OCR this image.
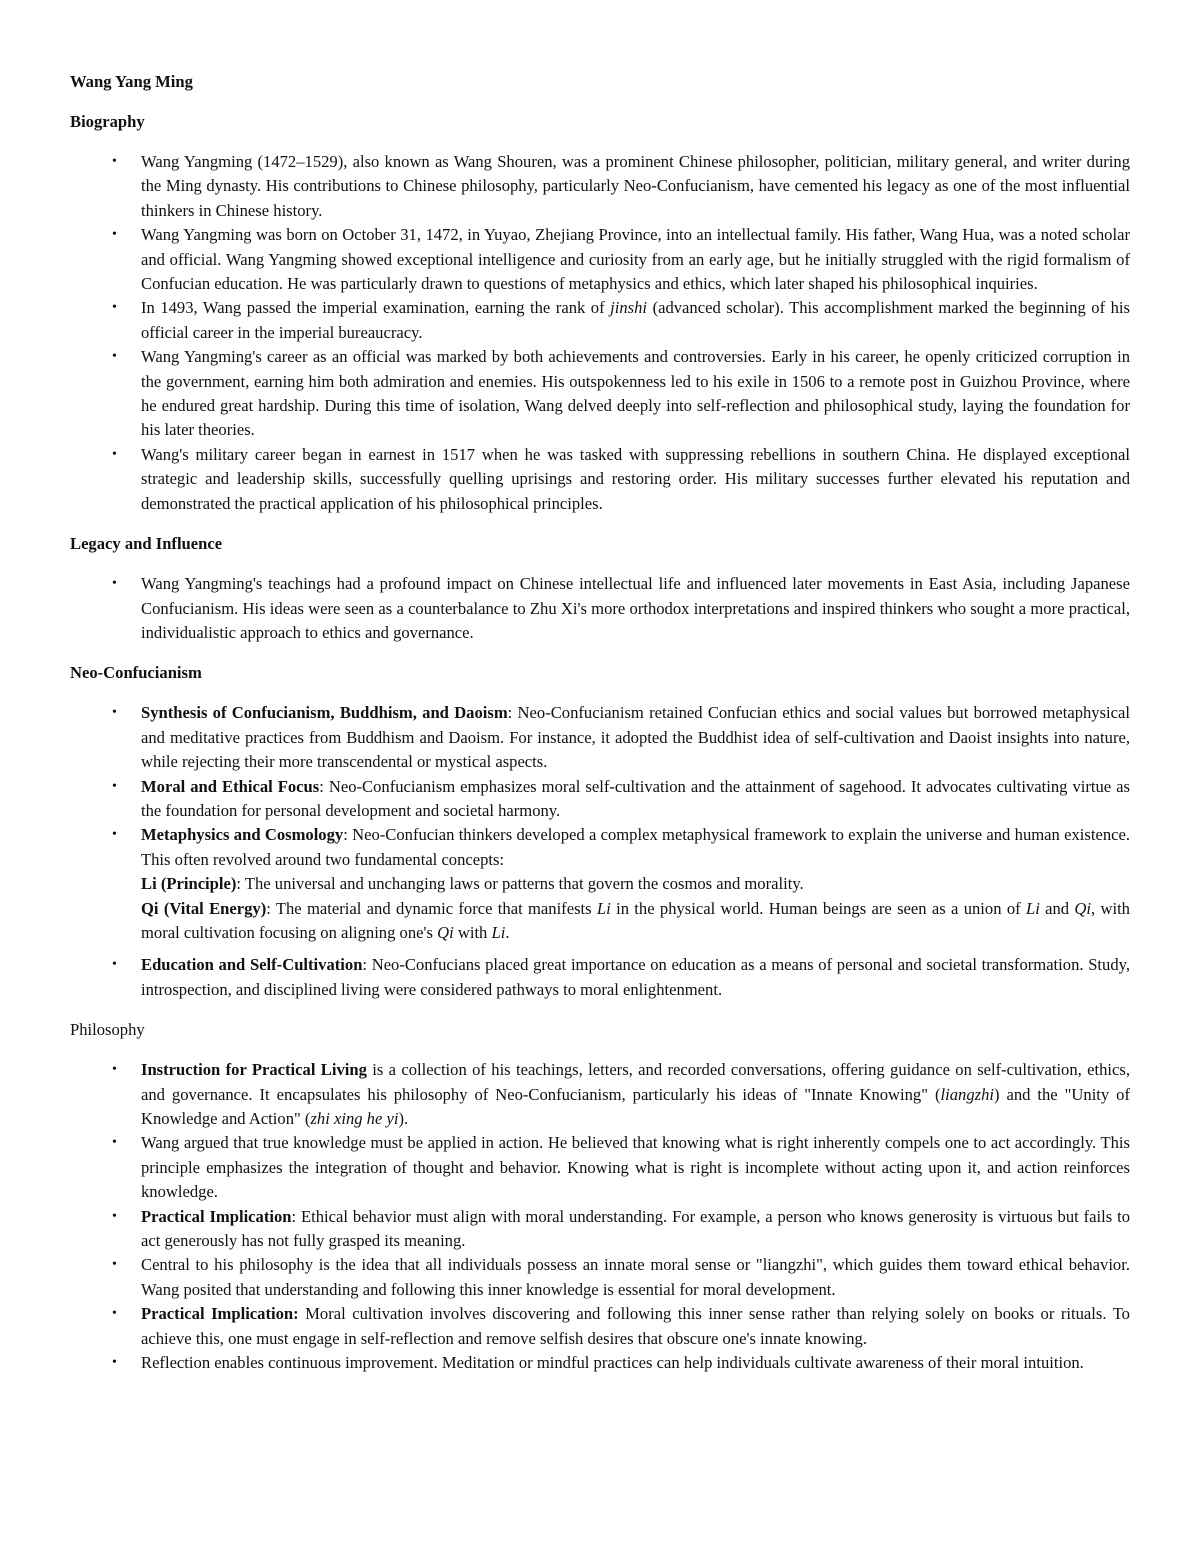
Wang Yang Ming

Biography

• Wang Yangming (1472–1529), also known as Wang Shouren, was a prominent Chinese philosopher, politician, military general, and writer during the Ming dynasty. His contributions to Chinese philosophy, particularly Neo-Confucianism, have cemented his legacy as one of the most influential thinkers in Chinese history.
• Wang Yangming was born on October 31, 1472, in Yuyao, Zhejiang Province, into an intellectual family. His father, Wang Hua, was a noted scholar and official. Wang Yangming showed exceptional intelligence and curiosity from an early age, but he initially struggled with the rigid formalism of Confucian education. He was particularly drawn to questions of metaphysics and ethics, which later shaped his philosophical inquiries.
• In 1493, Wang passed the imperial examination, earning the rank of jinshi (advanced scholar). This accomplishment marked the beginning of his official career in the imperial bureaucracy.
• Wang Yangming's career as an official was marked by both achievements and controversies. Early in his career, he openly criticized corruption in the government, earning him both admiration and enemies. His outspokenness led to his exile in 1506 to a remote post in Guizhou Province, where he endured great hardship. During this time of isolation, Wang delved deeply into self-reflection and philosophical study, laying the foundation for his later theories.
• Wang's military career began in earnest in 1517 when he was tasked with suppressing rebellions in southern China. He displayed exceptional strategic and leadership skills, successfully quelling uprisings and restoring order. His military successes further elevated his reputation and demonstrated the practical application of his philosophical principles.

Legacy and Influence

• Wang Yangming's teachings had a profound impact on Chinese intellectual life and influenced later movements in East Asia, including Japanese Confucianism. His ideas were seen as a counterbalance to Zhu Xi's more orthodox interpretations and inspired thinkers who sought a more practical, individualistic approach to ethics and governance.

Neo-Confucianism

• Synthesis of Confucianism, Buddhism, and Daoism: Neo-Confucianism retained Confucian ethics and social values but borrowed metaphysical and meditative practices from Buddhism and Daoism. For instance, it adopted the Buddhist idea of self-cultivation and Daoist insights into nature, while rejecting their more transcendental or mystical aspects.
• Moral and Ethical Focus: Neo-Confucianism emphasizes moral self-cultivation and the attainment of sagehood. It advocates cultivating virtue as the foundation for personal development and societal harmony.
• Metaphysics and Cosmology: Neo-Confucian thinkers developed a complex metaphysical framework to explain the universe and human existence. This often revolved around two fundamental concepts:
Li (Principle): The universal and unchanging laws or patterns that govern the cosmos and morality.
Qi (Vital Energy): The material and dynamic force that manifests Li in the physical world. Human beings are seen as a union of Li and Qi, with moral cultivation focusing on aligning one's Qi with Li.
• Education and Self-Cultivation: Neo-Confucians placed great importance on education as a means of personal and societal transformation. Study, introspection, and disciplined living were considered pathways to moral enlightenment.

Philosophy

• Instruction for Practical Living is a collection of his teachings, letters, and recorded conversations, offering guidance on self-cultivation, ethics, and governance. It encapsulates his philosophy of Neo-Confucianism, particularly his ideas of "Innate Knowing" (liangzhi) and the "Unity of Knowledge and Action" (zhi xing he yi).
• Wang argued that true knowledge must be applied in action. He believed that knowing what is right inherently compels one to act accordingly. This principle emphasizes the integration of thought and behavior. Knowing what is right is incomplete without acting upon it, and action reinforces knowledge.
• Practical Implication: Ethical behavior must align with moral understanding. For example, a person who knows generosity is virtuous but fails to act generously has not fully grasped its meaning.
• Central to his philosophy is the idea that all individuals possess an innate moral sense or "liangzhi", which guides them toward ethical behavior. Wang posited that understanding and following this inner knowledge is essential for moral development.
• Practical Implication: Moral cultivation involves discovering and following this inner sense rather than relying solely on books or rituals. To achieve this, one must engage in self-reflection and remove selfish desires that obscure one's innate knowing.
• Reflection enables continuous improvement. Meditation or mindful practices can help individuals cultivate awareness of their moral intuition.
